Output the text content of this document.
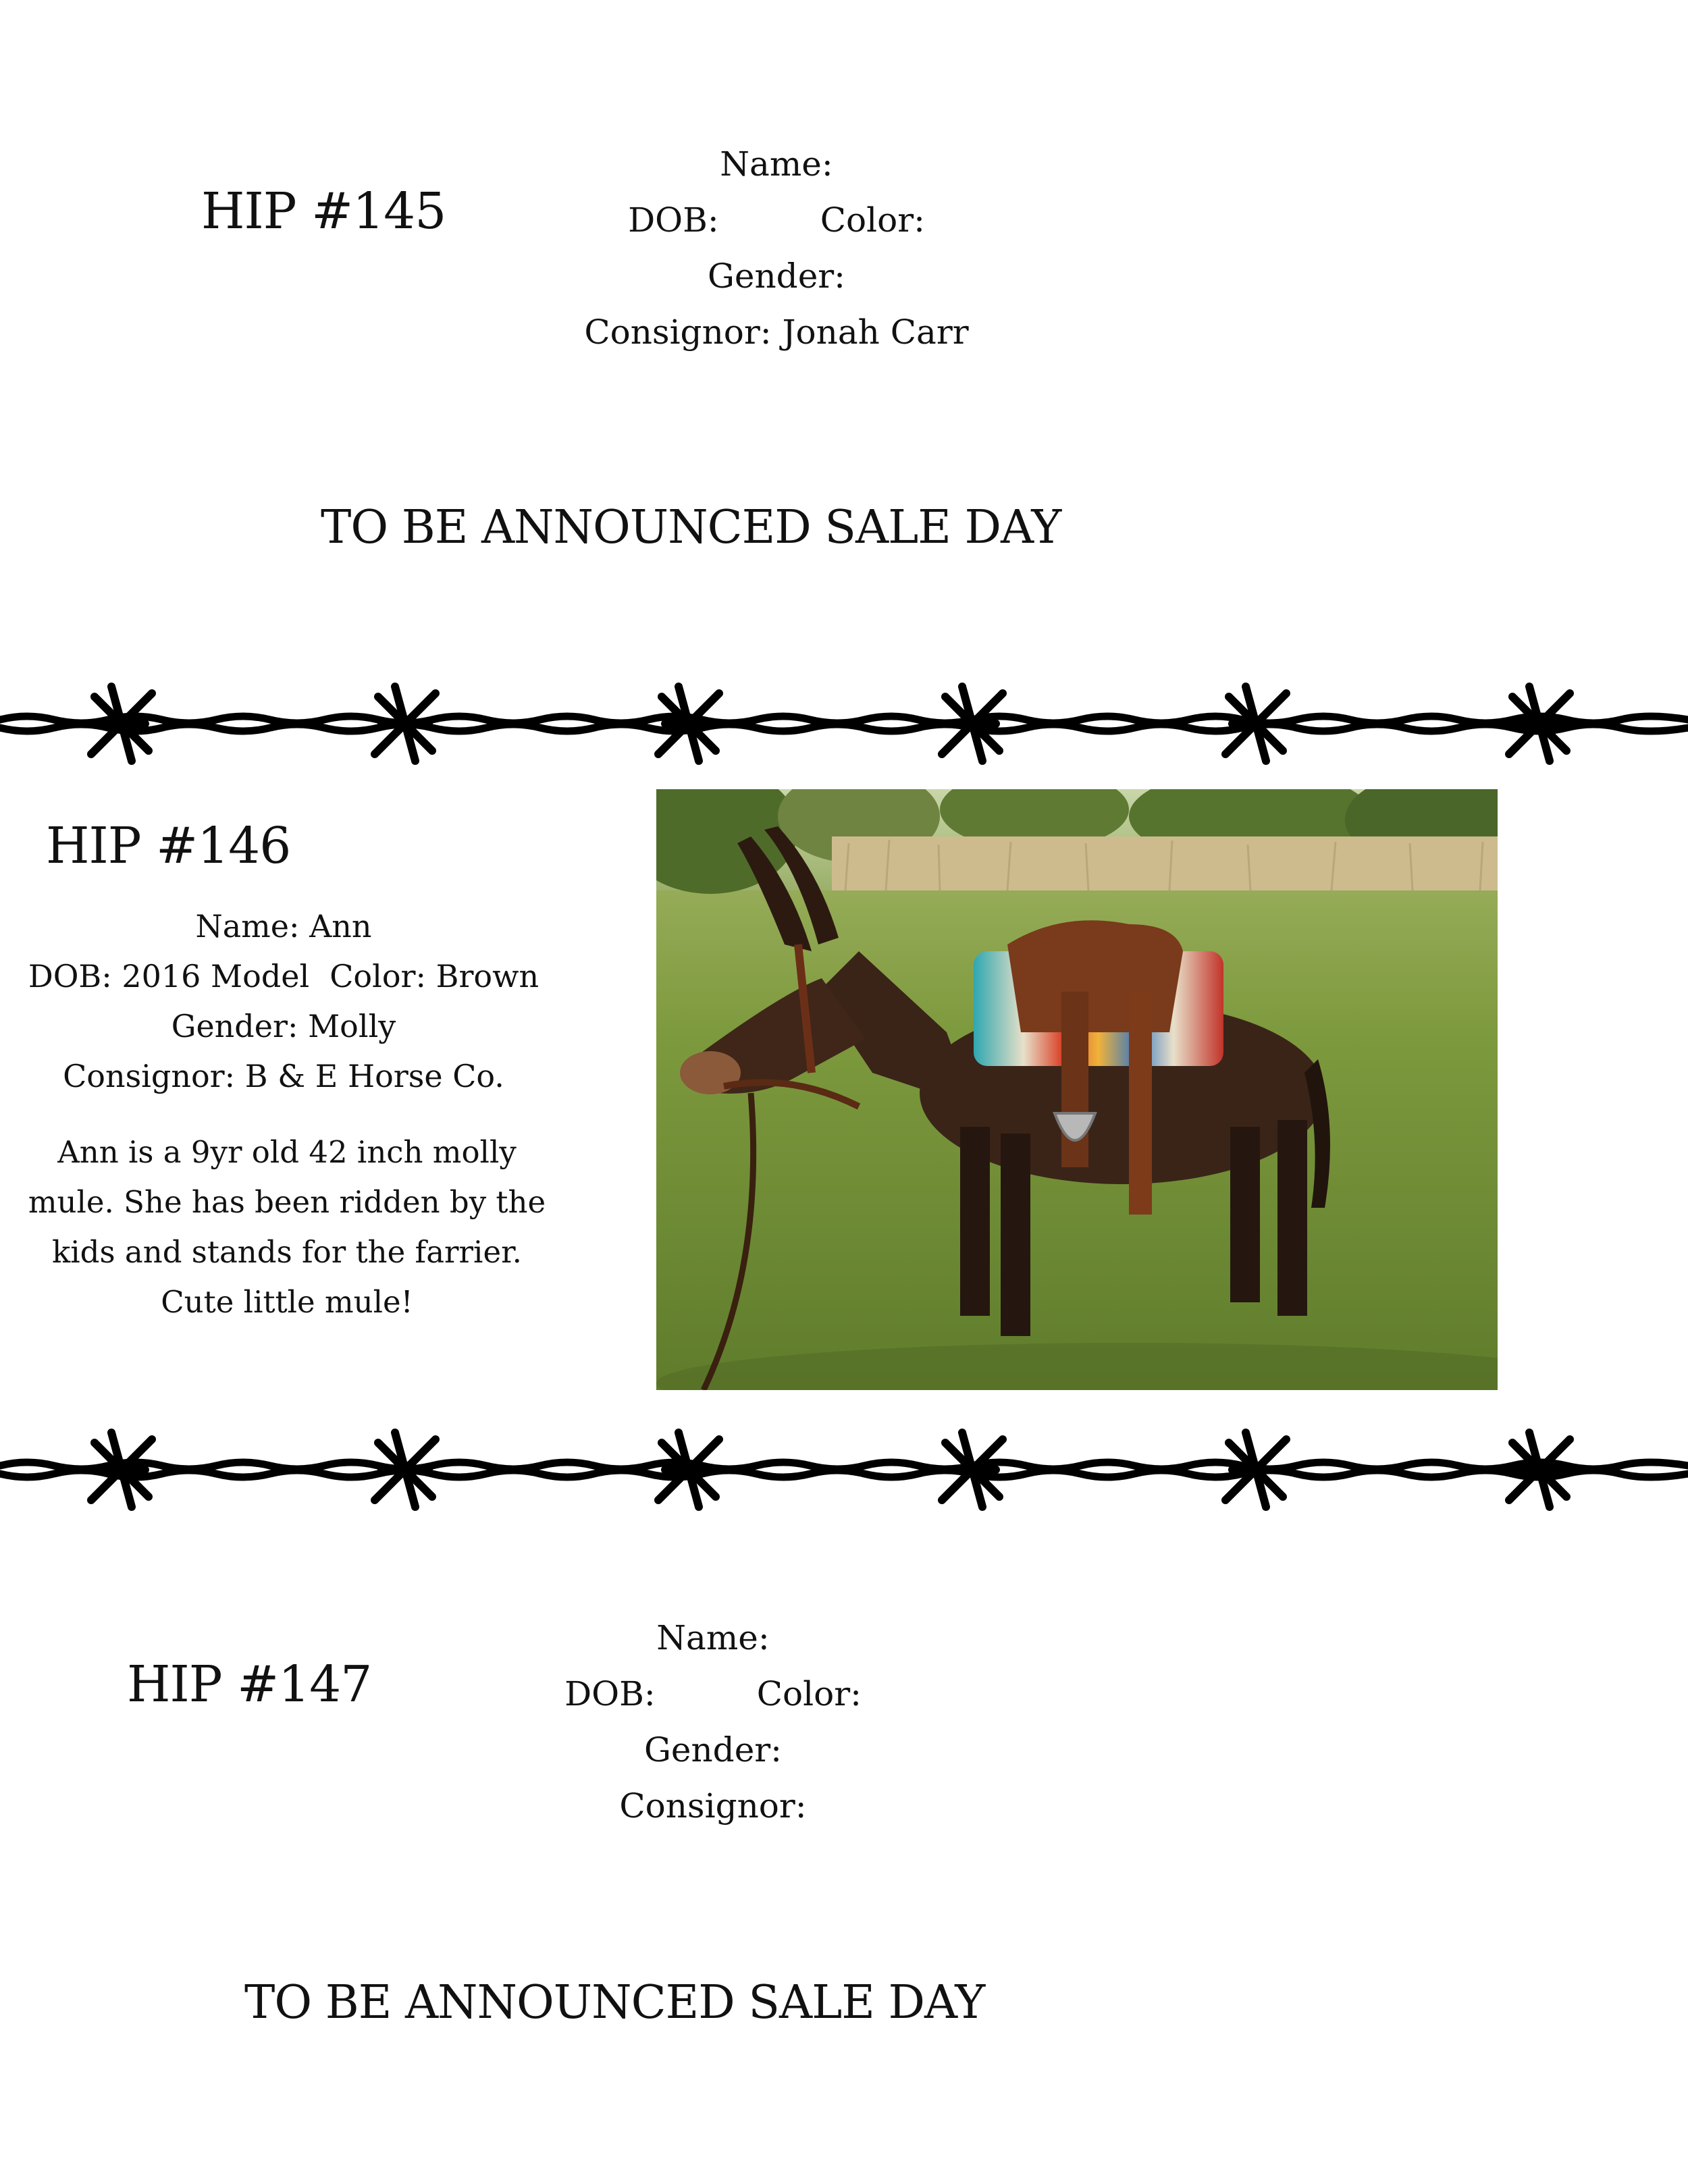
HIP #145
Name:
DOB:	Color:
Gender:
Consignor: Jonah Carr
TO BE ANNOUNCED SALE DAY
HIP #146
Name: Ann
DOB: 2016 Model Color: Brown
Gender: Molly
Consignor: B & E Horse Co.
Ann is a 9yr old 42 inch molly mule. She has been ridden by the kids and stands for the farrier. Cute little mule!
HIP #147
Name:
DOB:	Color:
Gender:
Consignor:
TO BE ANNOUNCED SALE DAY
